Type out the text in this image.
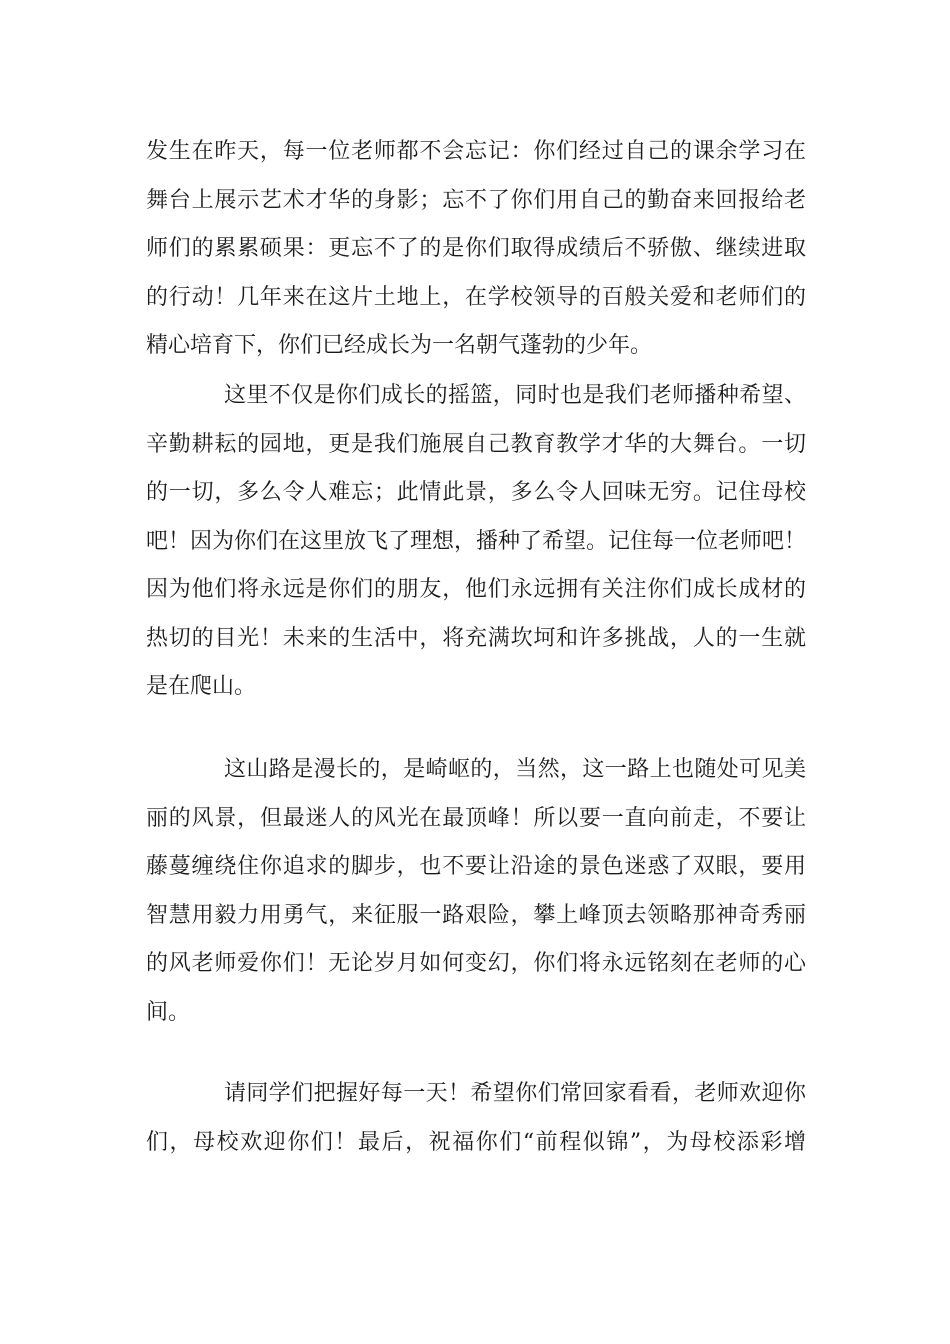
发生在昨天，每一位老师都不会忘记：你们经过自己的课余学习在
舞台上展示艺术才华的身影；忘不了你们用自己的勤奋来回报给老
师们的累累硕果：更忘不了的是你们取得成绩后不骄傲、继续进取
的行动！几年来在这片土地上，在学校领导的百般关爱和老师们的
精心培育下，你们已经成长为一名朝气蓬勃的少年。
这里不仅是你们成长的摇篮，同时也是我们老师播种希望、
辛勤耕耘的园地，更是我们施展自己教育教学才华的大舞台。一切
的一切，多么令人难忘；此情此景，多么令人回味无穷。记住母校
吧！因为你们在这里放飞了理想，播种了希望。记住每一位老师吧！
因为他们将永远是你们的朋友，他们永远拥有关注你们成长成材的
热切的目光！未来的生活中，将充满坎坷和许多挑战，人的一生就
是在爬山。
这山路是漫长的，是崎岖的，当然，这一路上也随处可见美
丽的风景，但最迷人的风光在最顶峰！所以要一直向前走，不要让
藤蔓缠绕住你追求的脚步，也不要让沿途的景色迷惑了双眼，要用
智慧用毅力用勇气，来征服一路艰险，攀上峰顶去领略那神奇秀丽
的风老师爱你们！无论岁月如何变幻，你们将永远铭刻在老师的心
间。
请同学们把握好每一天！希望你们常回家看看，老师欢迎你
们，母校欢迎你们！最后，祝福你们“前程似锦”，为母校添彩增
